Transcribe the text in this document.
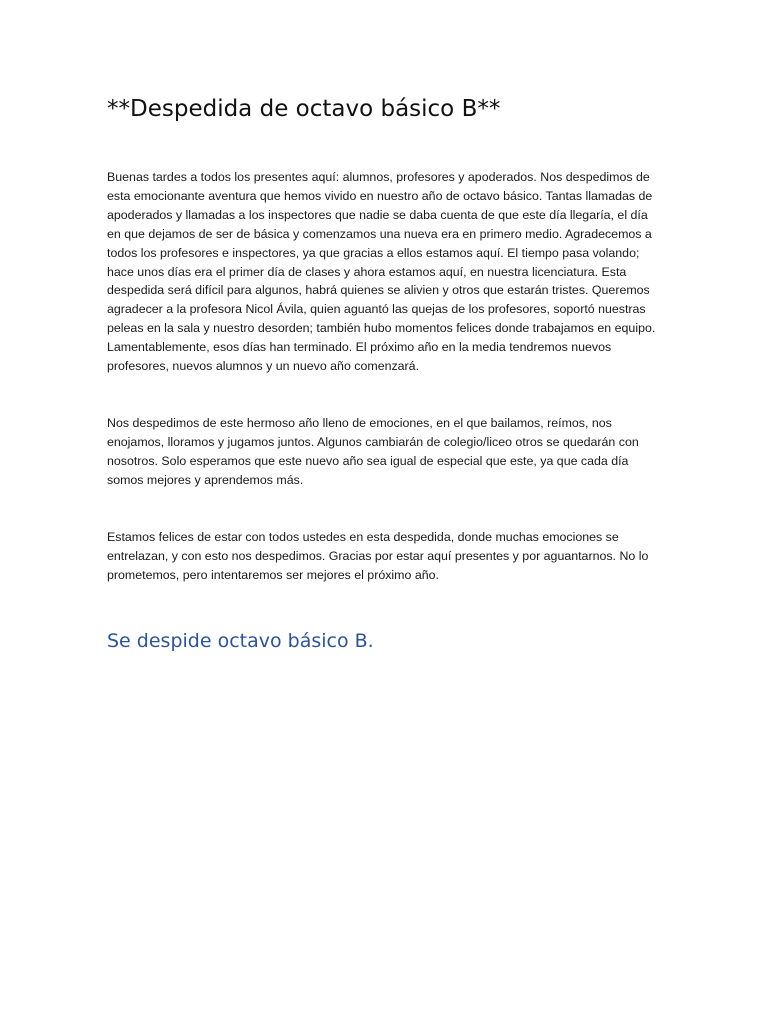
**Despedida de octavo básico B**

Buenas tardes a todos los presentes aquí: alumnos, profesores y apoderados. Nos despedimos de esta emocionante aventura que hemos vivido en nuestro año de octavo básico. Tantas llamadas de apoderados y llamadas a los inspectores que nadie se daba cuenta de que este día llegaría, el día en que dejamos de ser de básica y comenzamos una nueva era en primero medio. Agradecemos a todos los profesores e inspectores, ya que gracias a ellos estamos aquí. El tiempo pasa volando; hace unos días era el primer día de clases y ahora estamos aquí, en nuestra licenciatura. Esta despedida será difícil para algunos, habrá quienes se alivien y otros que estarán tristes. Queremos agradecer a la profesora Nicol Ávila, quien aguantó las quejas de los profesores, soportó nuestras peleas en la sala y nuestro desorden; también hubo momentos felices donde trabajamos en equipo. Lamentablemente, esos días han terminado. El próximo año en la media tendremos nuevos profesores, nuevos alumnos y un nuevo año comenzará.

Nos despedimos de este hermoso año lleno de emociones, en el que bailamos, reímos, nos enojamos, lloramos y jugamos juntos. Algunos cambiarán de colegio/liceo otros se quedarán con nosotros. Solo esperamos que este nuevo año sea igual de especial que este, ya que cada día somos mejores y aprendemos más.

Estamos felices de estar con todos ustedes en esta despedida, donde muchas emociones se entrelazan, y con esto nos despedimos. Gracias por estar aquí presentes y por aguantarnos. No lo prometemos, pero intentaremos ser mejores el próximo año.

Se despide octavo básico B.
